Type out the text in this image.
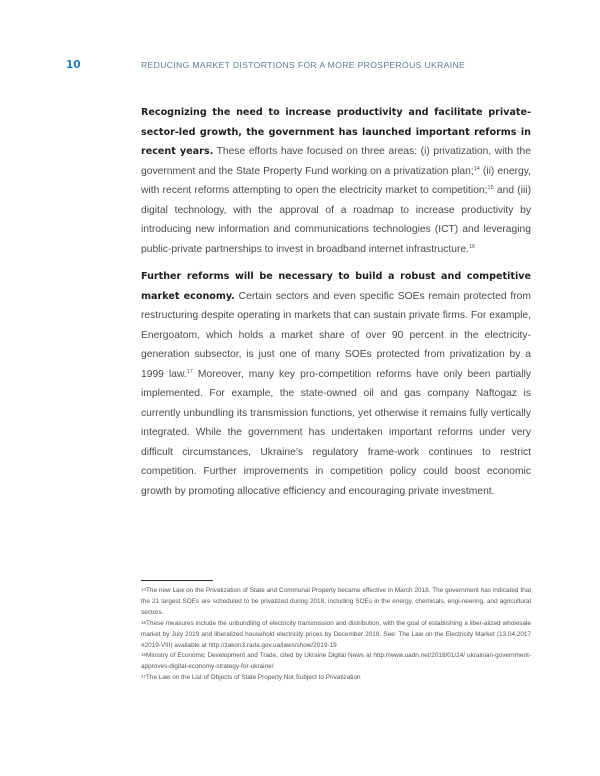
10	REDUCING MARKET DISTORTIONS FOR A MORE PROSPEROUS UKRAINE

Recognizing the need to increase productivity and facilitate private-sector-led growth, the government has launched important reforms in recent years. These efforts have focused on three areas: (i) privatization, with the government and the State Property Fund working on a privatization plan;$^{14}$ (ii) energy, with recent reforms attempting to open the electricity market to competition;$^{15}$ and (iii) digital technology, with the approval of a roadmap to increase productivity by introducing new information and communications technologies (ICT) and leveraging public-private partnerships to invest in broadband internet infrastructure.$^{16}$

Further reforms will be necessary to build a robust and competitive market economy. Certain sectors and even specific SOEs remain protected from restructuring despite operating in markets that can sustain private firms. For example, Energoatom, which holds a market share of over 90 percent in the electricity-generation subsector, is just one of many SOEs protected from privatization by a 1999 law.$^{17}$ Moreover, many key pro-competition reforms have only been partially implemented. For example, the state-owned oil and gas company Naftogaz is currently unbundling its transmission functions, yet otherwise it remains fully vertically integrated. While the government has undertaken important reforms under very difficult circumstances, Ukraine’s regulatory frame-work continues to restrict competition. Further improvements in competition policy could boost economic growth by promoting allocative efficiency and encouraging private investment.

$^{14}$The new Law on the Privatization of State and Communal Property became effective in March 2018. The government has indicated that the 21 largest SOEs are scheduled to be privatized during 2018, including SOEs in the energy, chemicals, engi-neering, and agricultural sectors.

$^{15}$These measures include the unbundling of electricity transmission and distribution, with the goal of establishing a liber-alized wholesale market by July 2019 and liberalized household electricity prices by December 2018. See: The Law on the Electricity Market (13.04.2017 #2019-VIII) available at http://zakon3.rada.gov.ua/laws/show/2019-19

$^{16}$Ministry of Economic Development and Trade, cited by Ukraine Digital News at http://www.uadn.net/2018/01/24/ ukrainian-government-approves-digital-economy-strategy-for-ukraine/

$^{17}$The Law on the List of Objects of State Property Not Subject to Privatization
